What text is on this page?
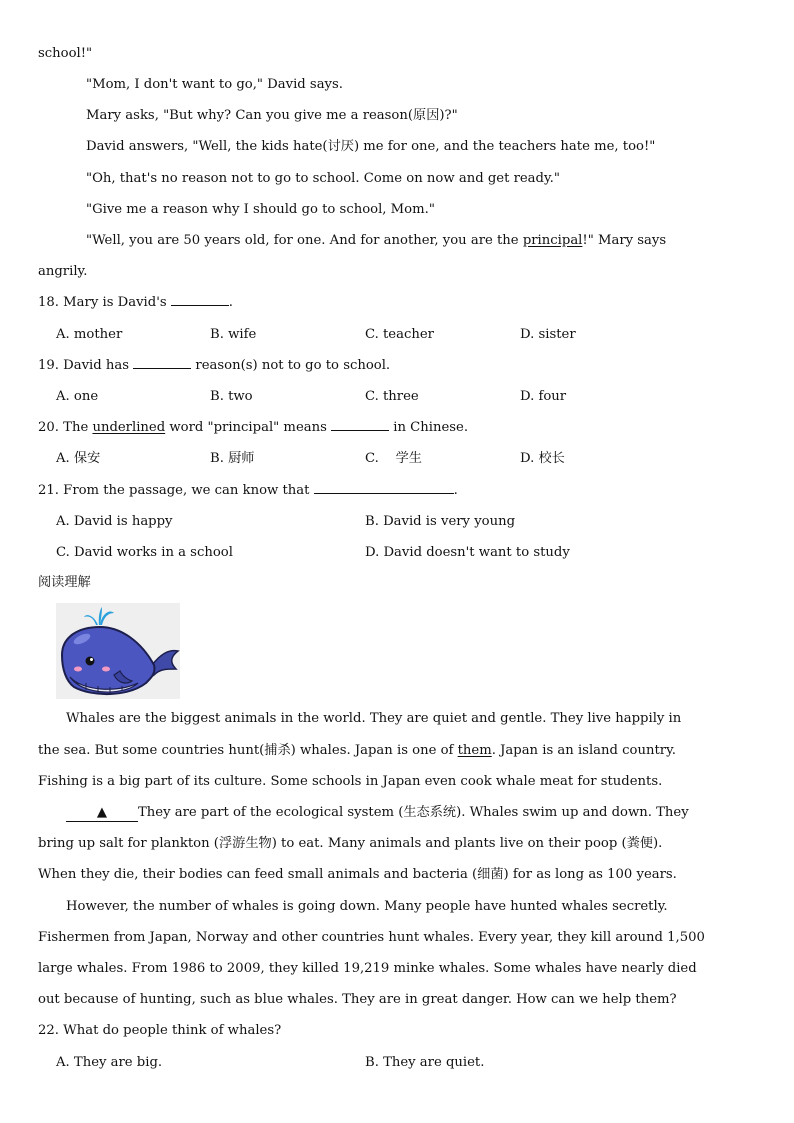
school!"
"Mom, I don't want to go," David says.
Mary asks, "But why? Can you give me a reason(原因)?"
David answers, "Well, the kids hate(讨厌) me for one, and the teachers hate me, too!"
"Oh, that's no reason not to go to school. Come on now and get ready."
"Give me a reason why I should go to school, Mom."
"Well, you are 50 years old, for one. And for another, you are the principal!" Mary says
angrily.
18. Mary is David's	.
A. mother	B. wife	C. teacher	D. sister
19. David has	reason(s) not to go to school.
A. one	B. two	C. three	D. four
20. The underlined word "principal" means	in Chinese.
A. 保安	B. 厨师	C.    学生	D. 校长
21. From the passage, we can know that	.
A. David is happy	B. David is very young
C. David works in a school	D. David doesn't want to study
阅读理解
Whales are the biggest animals in the world. They are quiet and gentle. They live happily in
the sea. But some countries hunt(捕杀) whales. Japan is one of them. Japan is an island country.
Fishing is a big part of its culture. Some schools in Japan even cook whale meat for students.
▲ They are part of the ecological system (生态系统). Whales swim up and down. They
bring up salt for plankton (浮游生物) to eat. Many animals and plants live on their poop (粪便).
When they die, their bodies can feed small animals and bacteria (细菌) for as long as 100 years.
However, the number of whales is going down. Many people have hunted whales secretly.
Fishermen from Japan, Norway and other countries hunt whales. Every year, they kill around 1,500
large whales. From 1986 to 2009, they killed 19,219 minke whales. Some whales have nearly died
out because of hunting, such as blue whales. They are in great danger. How can we help them?
22. What do people think of whales?
A. They are big.	B. They are quiet.
